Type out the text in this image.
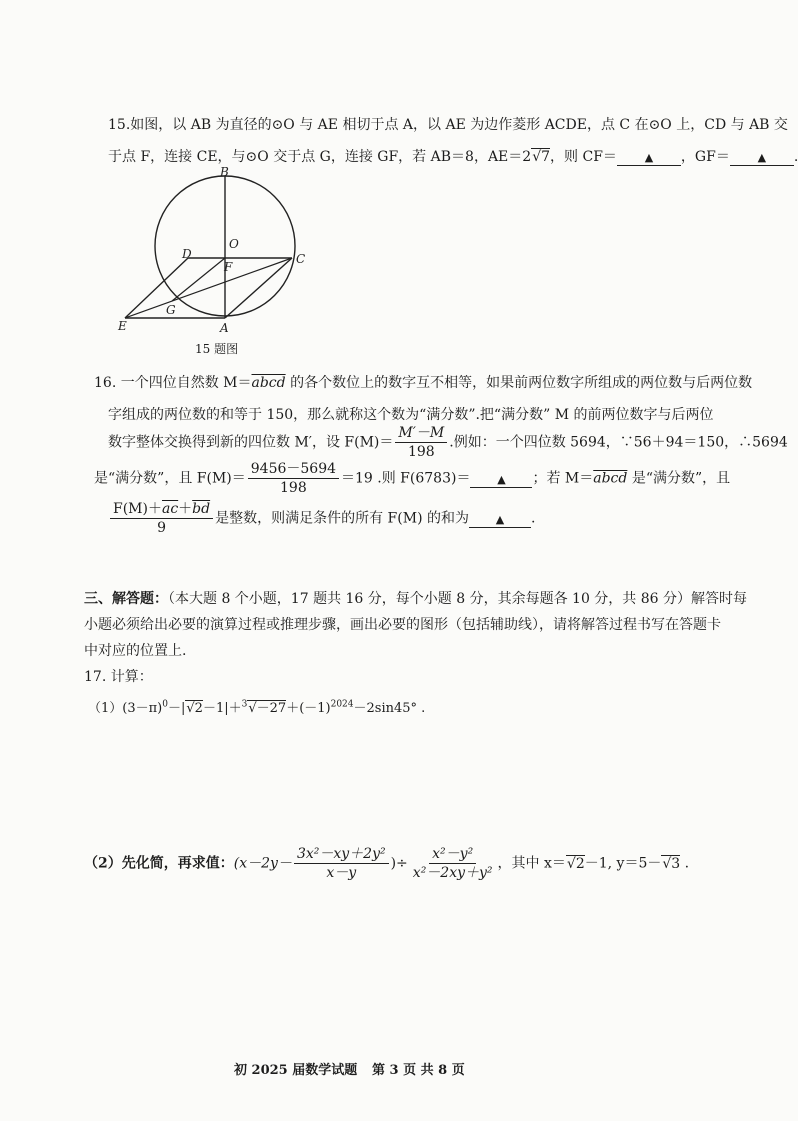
15.如图，以 AB 为直径的⊙O 与 AE 相切于点 A，以 AE 为边作菱形 ACDE，点 C 在⊙O 上，CD 与 AB 交
于点 F，连接 CE，与⊙O 交于点 G，连接 GF，若 AB＝8，AE＝2√7，则 CF＝	▲ ，GF＝	▲ .
B
O
D
F
C
G
E	A
15 题图
16. 一个四位自然数 M＝abcd 的各个数位上的数字互不相等，如果前两位数字所组成的两位数与后两位数
字组成的两位数的和等于 150，那么就称这个数为“满分数”.把“满分数” M 的前两位数字与后两位
数字整体交换得到新的四位数 M′，设 $F(M)= \frac{M'-M}{198}$ .例如：一个四位数 5694，∵56＋94＝150，∴5694
是“满分数”，且 $F(M)= \frac{9456-5694}{198} =19$ .则 F(6783)＝ ▲ ；若 M＝abcd 是“满分数”，且
$\frac{F(M)+\overline{ac}+\overline{bd}}{9}$ 是整数，则满足条件的所有 F(M) 的和为 ▲ .
三、解答题：（本大题 8 个小题，17 题共 16 分，每个小题 8 分，其余每题各 10 分，共 86 分）解答时每
小题必须给出必要的演算过程或推理步骤，画出必要的图形（包括辅助线），请将解答过程书写在答题卡
中对应的位置上.
17. 计算：
$(1)(3-\pi)^0-|√2-1|+^3√-27+(-1)^{2024}-2\sin 45^\circ$ .
（2）先化简，再求值：($x-2y- \frac{\text{3x²－xy＋2y²}}{x-y}$ )÷ $\frac{\text{x²－y²}}{\text{x²－2xy＋y²}}$ ，其中 x＝√2－1, y＝5－√3 .
初 2025 届数学试题 第 3 页 共 8 页
